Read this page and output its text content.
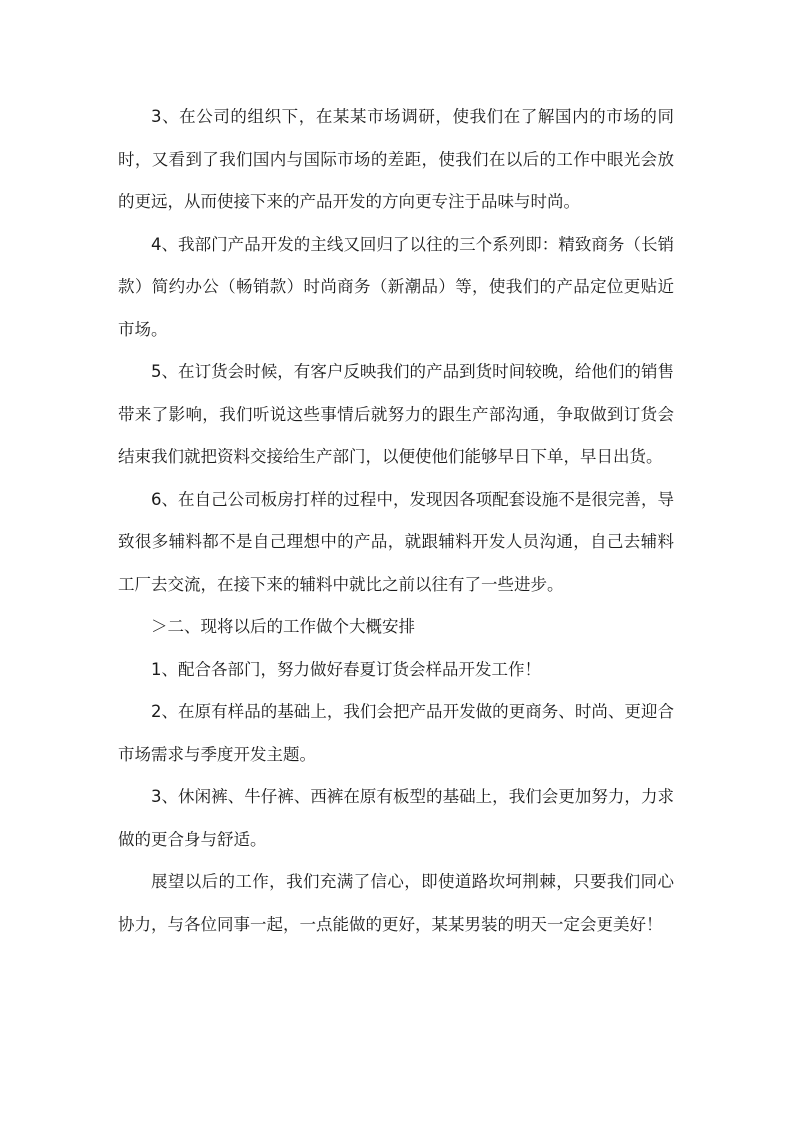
3、在公司的组织下，在某某市场调研，使我们在了解国内的市场的同时，又看到了我们国内与国际市场的差距，使我们在以后的工作中眼光会放的更远，从而使接下来的产品开发的方向更专注于品味与时尚。

4、我部门产品开发的主线又回归了以往的三个系列即：精致商务（长销款）简约办公（畅销款）时尚商务（新潮品）等，使我们的产品定位更贴近市场。

5、在订货会时候，有客户反映我们的产品到货时间较晚，给他们的销售带来了影响，我们听说这些事情后就努力的跟生产部沟通，争取做到订货会结束我们就把资料交接给生产部门，以便使他们能够早日下单，早日出货。

6、在自己公司板房打样的过程中，发现因各项配套设施不是很完善，导致很多辅料都不是自己理想中的产品，就跟辅料开发人员沟通，自己去辅料工厂去交流，在接下来的辅料中就比之前以往有了一些进步。

＞二、现将以后的工作做个大概安排

1、配合各部门，努力做好春夏订货会样品开发工作！

2、在原有样品的基础上，我们会把产品开发做的更商务、时尚、更迎合市场需求与季度开发主题。

3、休闲裤、牛仔裤、西裤在原有板型的基础上，我们会更加努力，力求做的更合身与舒适。

展望以后的工作，我们充满了信心，即使道路坎坷荆棘，只要我们同心协力，与各位同事一起，一点能做的更好，某某男装的明天一定会更美好！
